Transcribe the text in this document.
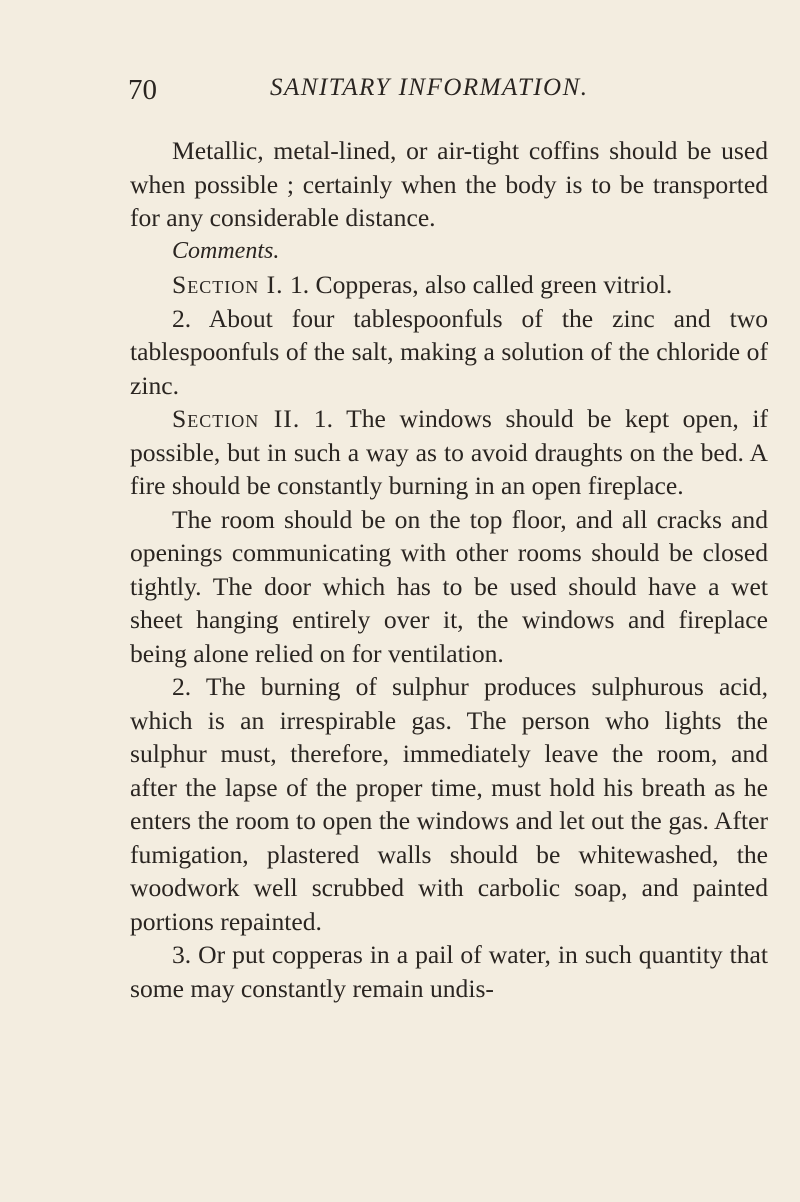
70	SANITARY INFORMATION.

Metallic, metal-lined, or air-tight coffins should be used when possible ; certainly when the body is to be transported for any considerable distance.

Comments.

Section I. 1. Copperas, also called green vitriol.

2. About four tablespoonfuls of the zinc and two tablespoonfuls of the salt, making a solution of the chloride of zinc.

Section II. 1. The windows should be kept open, if possible, but in such a way as to avoid draughts on the bed. A fire should be constantly burning in an open fireplace.

The room should be on the top floor, and all cracks and openings communicating with other rooms should be closed tightly. The door which has to be used should have a wet sheet hanging entirely over it, the windows and fireplace being alone relied on for ventilation.

2. The burning of sulphur produces sulphurous acid, which is an irrespirable gas. The person who lights the sulphur must, therefore, immediately leave the room, and after the lapse of the proper time, must hold his breath as he enters the room to open the windows and let out the gas. After fumigation, plastered walls should be whitewashed, the woodwork well scrubbed with carbolic soap, and painted portions repainted.

3. Or put copperas in a pail of water, in such quantity that some may constantly remain undis-
